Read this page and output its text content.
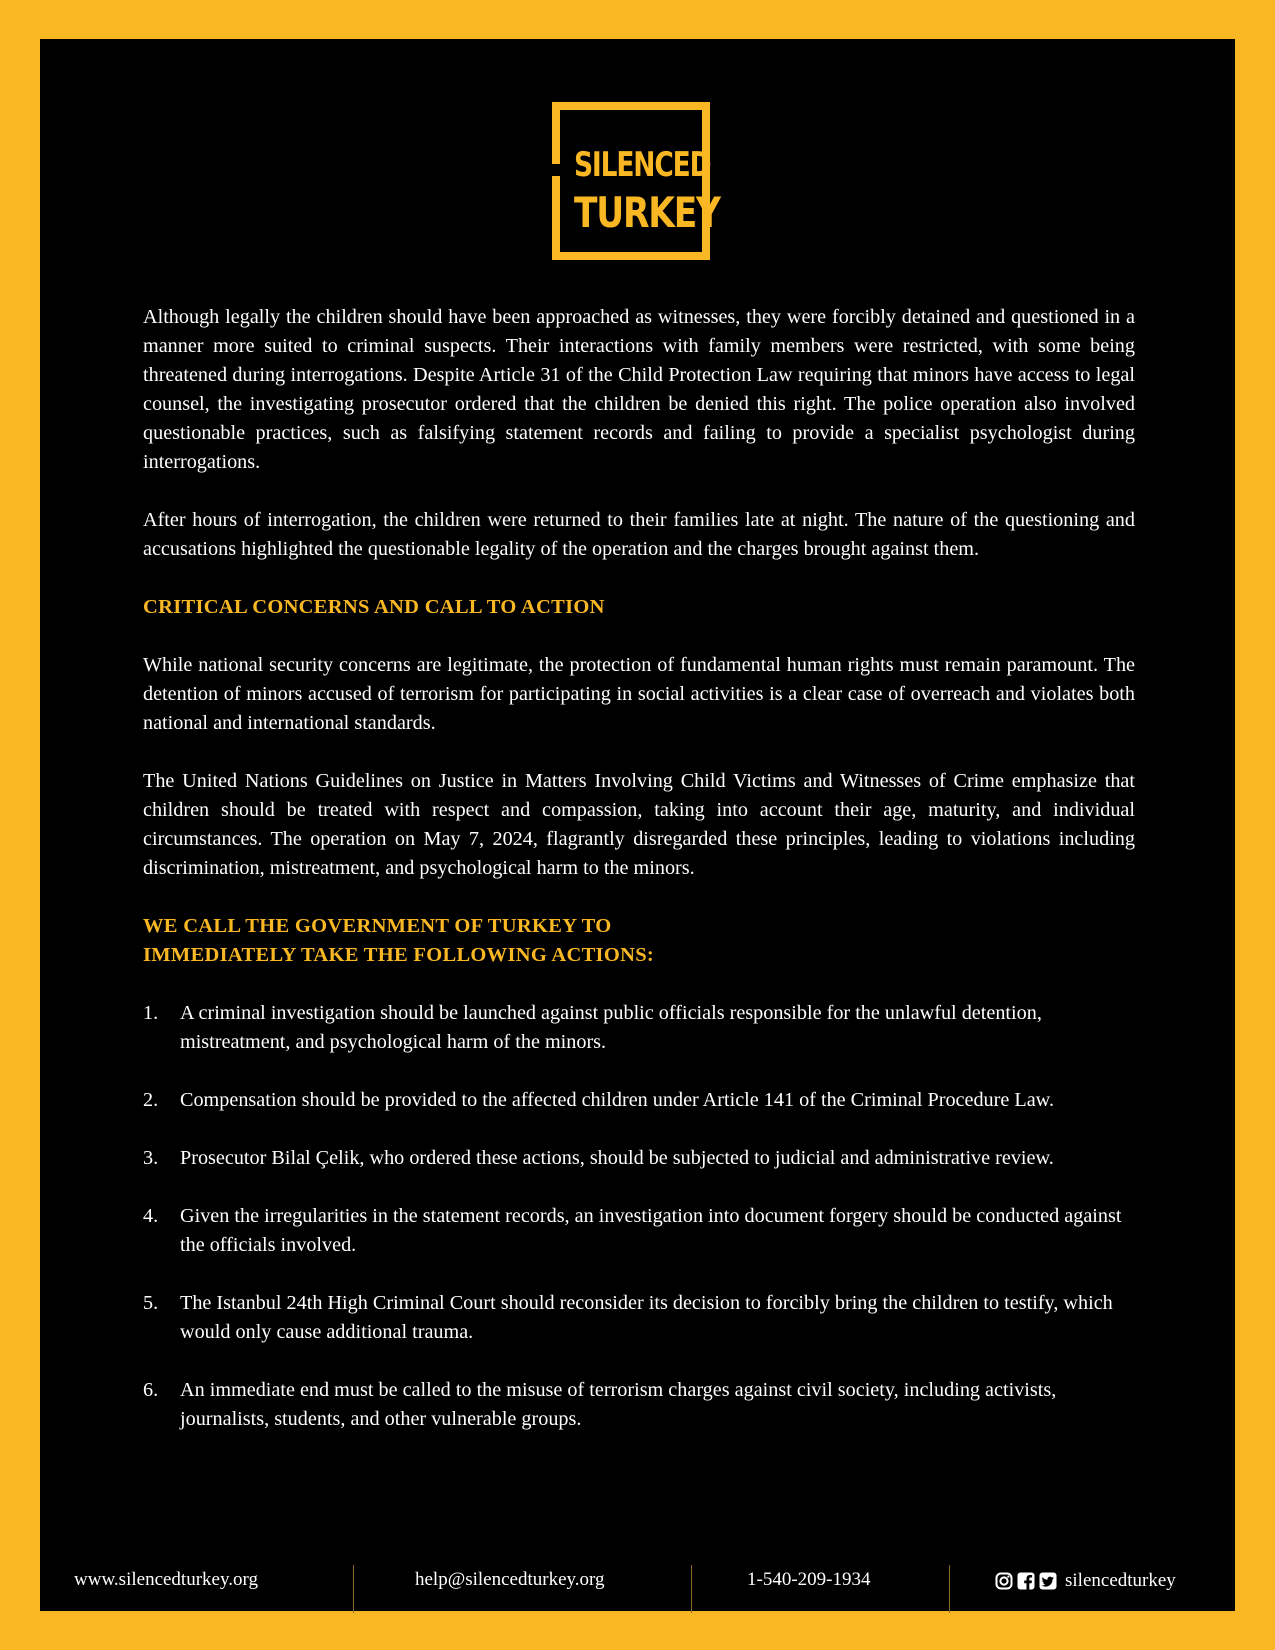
SILENCED
TURKEY

Although legally the children should have been approached as witnesses, they were forcibly detained and questioned in a manner more suited to criminal suspects. Their interactions with family members were restricted, with some being threatened during interrogations. Despite Article 31 of the Child Protection Law requiring that minors have access to legal counsel, the investigating prosecutor ordered that the children be denied this right. The police operation also involved questionable practices, such as falsifying statement records and failing to provide a specialist psychologist during interrogations.

After hours of interrogation, the children were returned to their families late at night. The nature of the questioning and accusations highlighted the questionable legality of the operation and the charges brought against them.

CRITICAL CONCERNS AND CALL TO ACTION

While national security concerns are legitimate, the protection of fundamental human rights must remain paramount. The detention of minors accused of terrorism for participating in social activities is a clear case of overreach and violates both national and international standards.

The United Nations Guidelines on Justice in Matters Involving Child Victims and Witnesses of Crime emphasize that children should be treated with respect and compassion, taking into account their age, maturity, and individual circumstances. The operation on May 7, 2024, flagrantly disregarded these principles, leading to violations including discrimination, mistreatment, and psychological harm to the minors.

WE CALL THE GOVERNMENT OF TURKEY TO
IMMEDIATELY TAKE THE FOLLOWING ACTIONS:
1. A criminal investigation should be launched against public officials responsible for the unlawful detention, mistreatment, and psychological harm of the minors.
2. Compensation should be provided to the affected children under Article 141 of the Criminal Procedure Law.
3. Prosecutor Bilal Çelik, who ordered these actions, should be subjected to judicial and administrative review.
4. Given the irregularities in the statement records, an investigation into document forgery should be conducted against the officials involved.
5. The Istanbul 24th High Criminal Court should reconsider its decision to forcibly bring the children to testify, which would only cause additional trauma.
6. An immediate end must be called to the misuse of terrorism charges against civil society, including activists, journalists, students, and other vulnerable groups.
www.silencedturkey.org	help@silencedturkey.org	1-540-209-1934	silencedturkey
